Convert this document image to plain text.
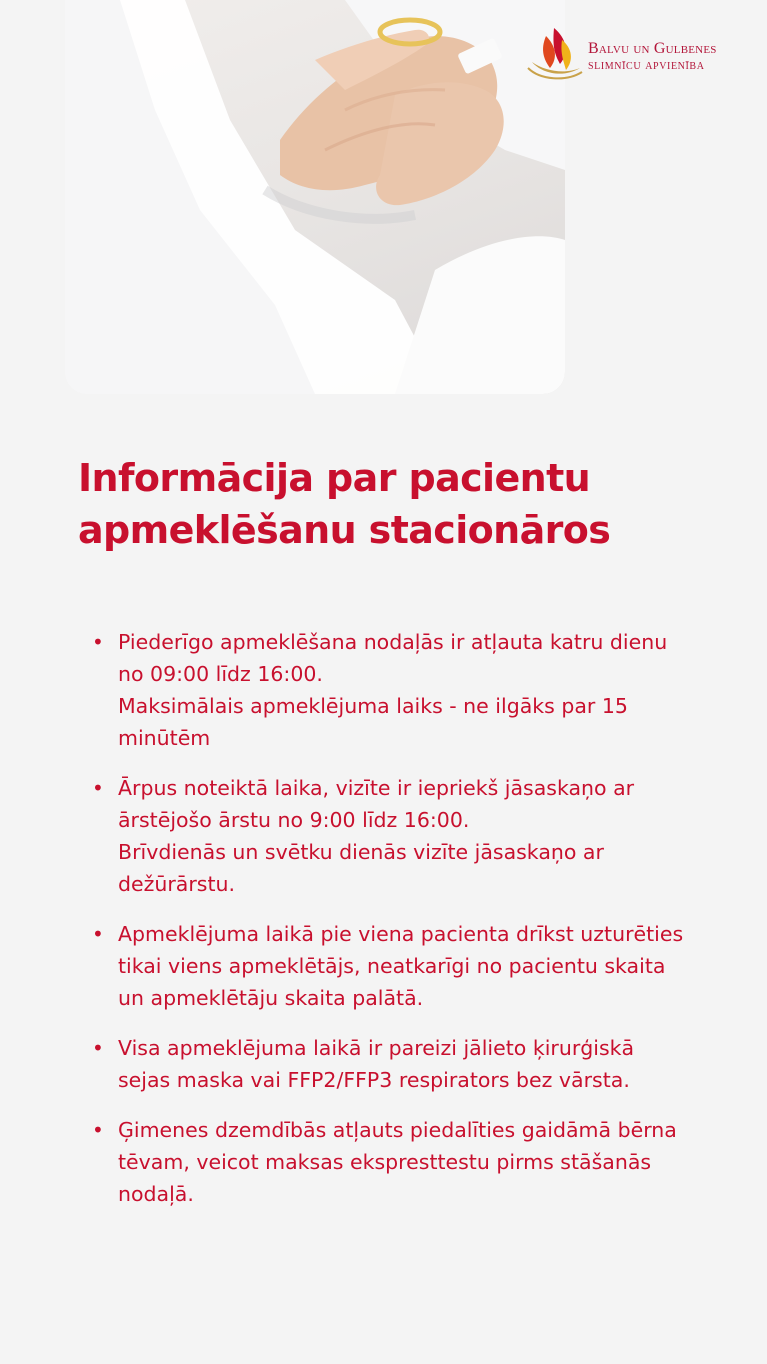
Balvu un Gulbenes
slimnīcu apvienība
Informācija par pacientu apmeklēšanu stacionāros
• Piederīgo apmeklēšana nodaļās ir atļauta katru dienu no 09:00 līdz 16:00.

Maksimālais apmeklējuma laiks - ne ilgāks par 15 minūtēm

• Ārpus noteiktā laika, vizīte ir iepriekš jāsaskaņo ar ārstējošo ārstu no 9:00 līdz 16:00.

Brīvdienās un svētku dienās vizīte jāsaskaņo ar dežūrārstu.

• Apmeklējuma laikā pie viena pacienta drīkst uzturēties tikai viens apmeklētājs, neatkarīgi no pacientu skaita un apmeklētāju skaita palātā.

• Visa apmeklējuma laikā ir pareizi jālieto ķirurģiskā sejas maska vai FFP2/FFP3 respirators bez vārsta.

• Ģimenes dzemdībās atļauts piedalīties gaidāmā bērna tēvam, veicot maksas ekspresttestu pirms stāšanās nodaļā.
